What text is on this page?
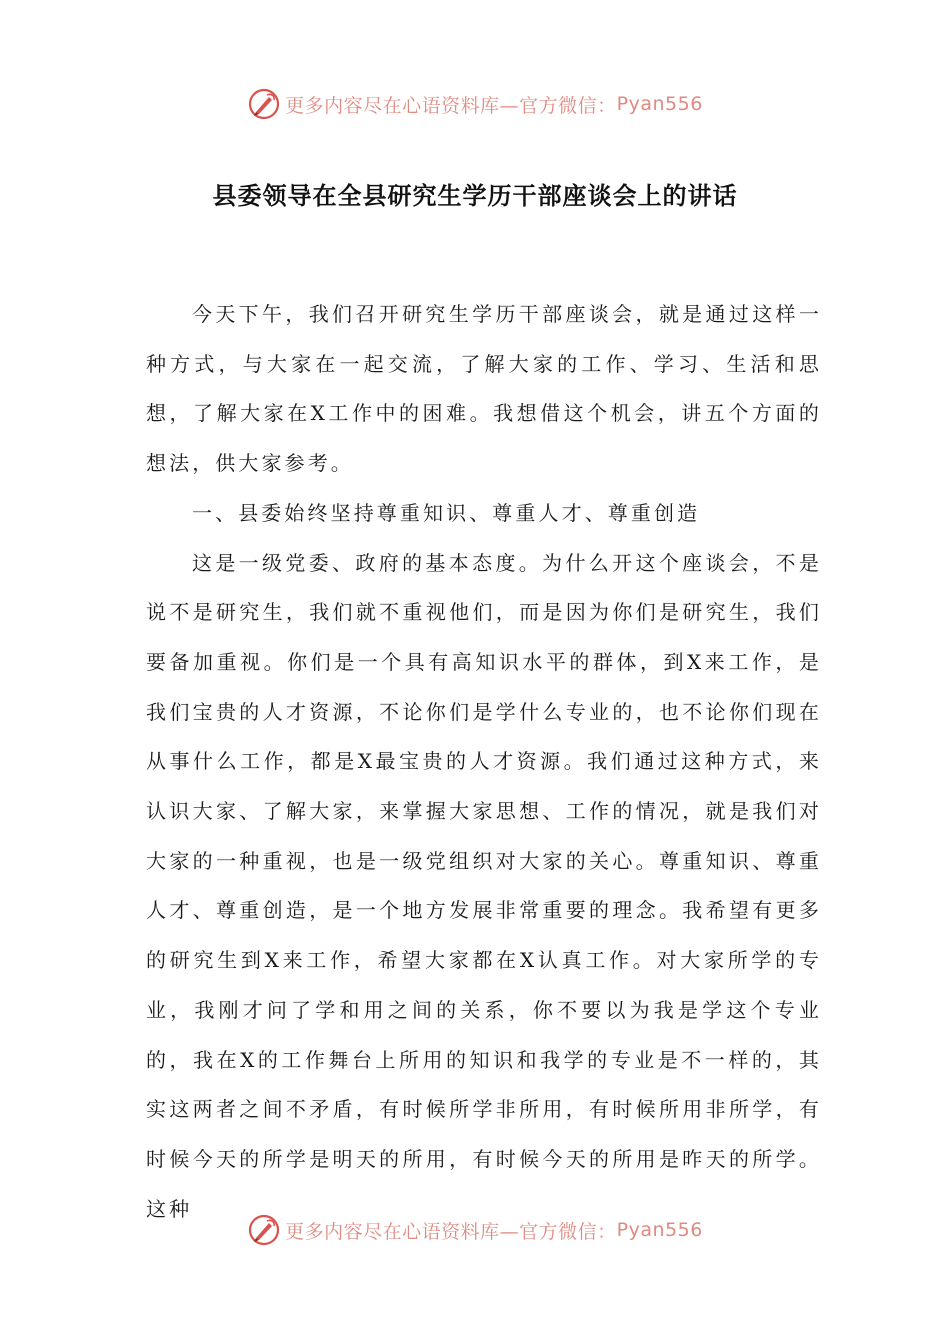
更多内容尽在心语资料库—官方微信： Pyan556
县委领导在全县研究生学历干部座谈会上的讲话

今天下午，我们召开研究生学历干部座谈会，就是通过这样一种方式，与大家在一起交流，了解大家的工作、学习、生活和思想，了解大家在X工作中的困难。我想借这个机会，讲五个方面的想法，供大家参考。

一、县委始终坚持尊重知识、尊重人才、尊重创造

这是一级党委、政府的基本态度。为什么开这个座谈会，不是说不是研究生，我们就不重视他们，而是因为你们是研究生，我们要备加重视。你们是一个具有高知识水平的群体，到X来工作，是我们宝贵的人才资源，不论你们是学什么专业的，也不论你们现在从事什么工作，都是X最宝贵的人才资源。我们通过这种方式，来认识大家、了解大家，来掌握大家思想、工作的情况，就是我们对大家的一种重视，也是一级党组织对大家的关心。尊重知识、尊重人才、尊重创造，是一个地方发展非常重要的理念。我希望有更多的研究生到X来工作，希望大家都在X认真工作。对大家所学的专业，我刚才问了学和用之间的关系，你不要以为我是学这个专业的，我在X的工作舞台上所用的知识和我学的专业是不一样的，其实这两者之间不矛盾，有时候所学非所用，有时候所用非所学，有时候今天的所学是明天的所用，有时候今天的所用是昨天的所学。这种

更多内容尽在心语资料库—官方微信： Pyan556
